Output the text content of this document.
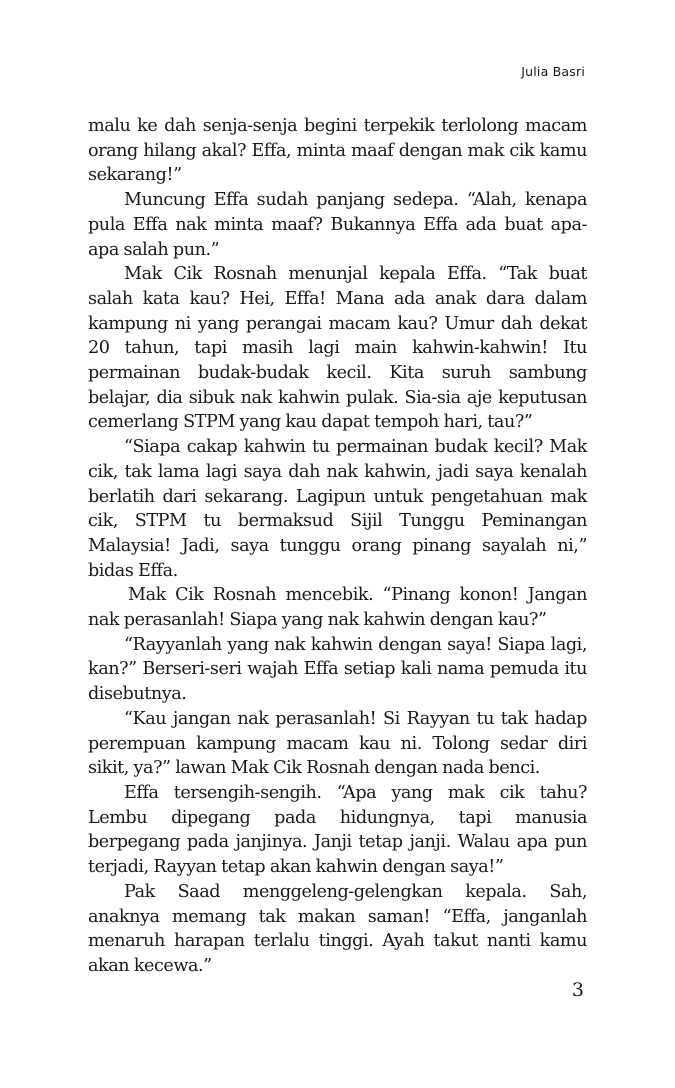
Julia Basri

malu ke dah senja-senja begini terpekik terlolong macam orang hilang akal? Effa, minta maaf dengan mak cik kamu sekarang!”

Muncung Effa sudah panjang sedepa. “Alah, kenapa pula Effa nak minta maaf? Bukannya Effa ada buat apa-apa salah pun.”

Mak Cik Rosnah menunjal kepala Effa. “Tak buat salah kata kau? Hei, Effa! Mana ada anak dara dalam kampung ni yang perangai macam kau? Umur dah dekat 20 tahun, tapi masih lagi main kahwin-kahwin! Itu permainan budak-budak kecil. Kita suruh sambung belajar, dia sibuk nak kahwin pulak. Sia-sia aje keputusan cemerlang STPM yang kau dapat tempoh hari, tau?”

“Siapa cakap kahwin tu permainan budak kecil? Mak cik, tak lama lagi saya dah nak kahwin, jadi saya kenalah berlatih dari sekarang. Lagipun untuk pengetahuan mak cik, STPM tu bermaksud Sijil Tunggu Peminangan Malaysia! Jadi, saya tunggu orang pinang sayalah ni,” bidas Effa.

Mak Cik Rosnah mencebik. “Pinang konon! Jangan nak perasanlah! Siapa yang nak kahwin dengan kau?”

“Rayyanlah yang nak kahwin dengan saya! Siapa lagi, kan?” Berseri-seri wajah Effa setiap kali nama pemuda itu disebutnya.

“Kau jangan nak perasanlah! Si Rayyan tu tak hadap perempuan kampung macam kau ni. Tolong sedar diri sikit, ya?” lawan Mak Cik Rosnah dengan nada benci.

Effa tersengih-sengih. “Apa yang mak cik tahu? Lembu dipegang pada hidungnya, tapi manusia berpegang pada janjinya. Janji tetap janji. Walau apa pun terjadi, Rayyan tetap akan kahwin dengan saya!”

Pak Saad menggeleng-gelengkan kepala. Sah, anaknya memang tak makan saman! “Effa, janganlah menaruh harapan terlalu tinggi. Ayah takut nanti kamu akan kecewa.”

3
